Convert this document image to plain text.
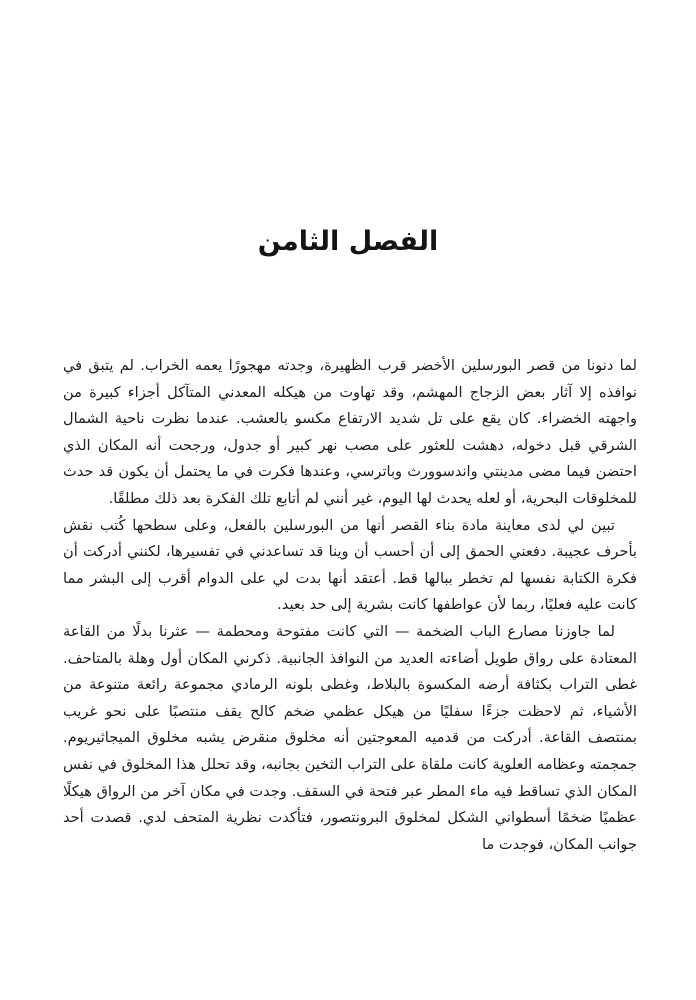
الفصل الثامن

لما دنونا من قصر البورسلين الأخضر قرب الظهيرة، وجدته مهجورًا يعمه الخراب. لم يتبق في نوافذه إلا آثار بعض الزجاج المهشم، وقد تهاوت من هيكله المعدني المتآكل أجزاء كبيرة من واجهته الخضراء. كان يقع على تل شديد الارتفاع مكسو بالعشب. عندما نظرت ناحية الشمال الشرقي قبل دخوله، دهشت للعثور على مصب نهر كبير أو جدول، ورجحت أنه المكان الذي احتضن فيما مضى مدينتي واندسوورث وباترسي، وعندها فكرت في ما يحتمل أن يكون قد حدث للمخلوقات البحرية، أو لعله يحدث لها اليوم، غير أنني لم أتابع تلك الفكرة بعد ذلك مطلقًا.

تبين لي لدى معاينة مادة بناء القصر أنها من البورسلين بالفعل، وعلى سطحها كُتب نقش بأحرف عجيبة. دفعني الحمق إلى أن أحسب أن وينا قد تساعدني في تفسيرها، لكنني أدركت أن فكرة الكتابة نفسها لم تخطر ببالها قط. أعتقد أنها بدت لي على الدوام أقرب إلى البشر مما كانت عليه فعليًا، ربما لأن عواطفها كانت بشرية إلى حد بعيد.

لما جاوزنا مصارع الباب الضخمة — التي كانت مفتوحة ومحطمة — عثرنا بدلًا من القاعة المعتادة على رواق طويل أضاءته العديد من النوافذ الجانبية. ذكرني المكان أول وهلة بالمتاحف. غطى التراب بكثافة أرضه المكسوة بالبلاط، وغطى بلونه الرمادي مجموعة رائعة متنوعة من الأشياء، ثم لاحظت جزءًا سفليًا من هيكل عظمي ضخم كالح يقف منتصبًا على نحو غريب بمنتصف القاعة. أدركت من قدميه المعوجتين أنه مخلوق منقرض يشبه مخلوق الميجاثيريوم. جمجمته وعظامه العلوية كانت ملقاة على التراب الثخين بجانبه، وقد تحلل هذا المخلوق في نفس المكان الذي تساقط فيه ماء المطر عبر فتحة في السقف. وجدت في مكان آخر من الرواق هيكلًا عظميًا ضخمًا أسطواني الشكل لمخلوق البرونتصور، فتأكدت نظرية المتحف لدي. قصدت أحد جوانب المكان، فوجدت ما
